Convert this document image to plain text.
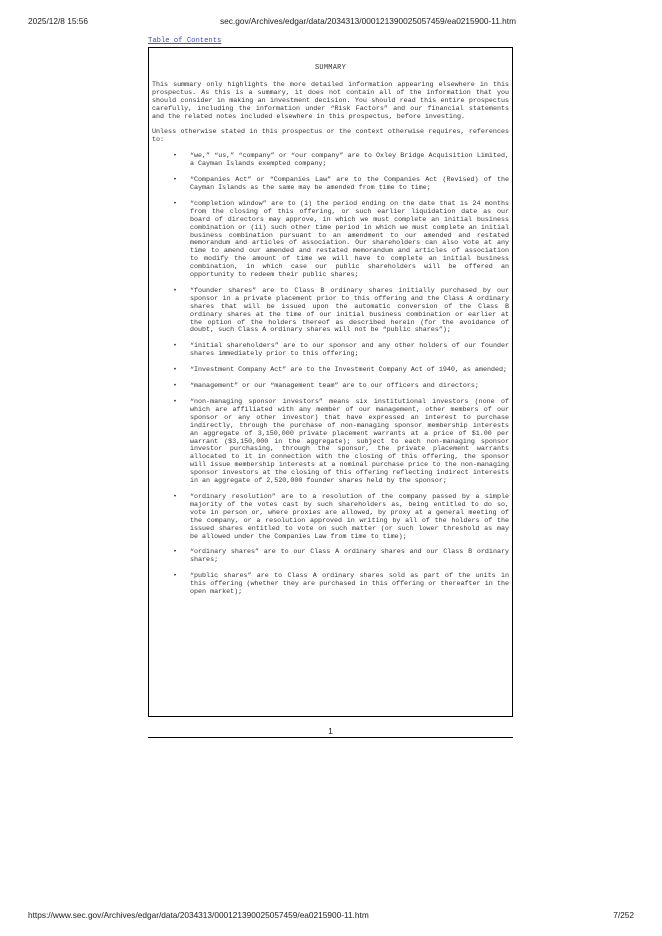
2025/12/8 15:56	sec.gov/Archives/edgar/data/2034313/000121390025057459/ea0215900-11.htm
Table of Contents
SUMMARY

This summary only highlights the more detailed information appearing elsewhere in this prospectus. As this is a summary, it does not contain all of the information that you should consider in making an investment decision. You should read this entire prospectus carefully, including the information under “Risk Factors” and our financial statements and the related notes included elsewhere in this prospectus, before investing.

Unless otherwise stated in this prospectus or the context otherwise requires, references to:

• “we,” “us,” “company” or “our company” are to Oxley Bridge Acquisition Limited, a Cayman Islands exempted company;
• “Companies Act” or “Companies Law” are to the Companies Act (Revised) of the Cayman Islands as the same may be amended from time to time;
• “completion window” are to (i) the period ending on the date that is 24 months from the closing of this offering, or such earlier liquidation date as our board of directors may approve, in which we must complete an initial business combination or (ii) such other time period in which we must complete an initial business combination pursuant to an amendment to our amended and restated memorandum and articles of association. Our shareholders can also vote at any time to amend our amended and restated memorandum and articles of association to modify the amount of time we will have to complete an initial business combination, in which case our public shareholders will be offered an opportunity to redeem their public shares;
• “founder shares” are to Class B ordinary shares initially purchased by our sponsor in a private placement prior to this offering and the Class A ordinary shares that will be issued upon the automatic conversion of the Class B ordinary shares at the time of our initial business combination or earlier at the option of the holders thereof as described herein (for the avoidance of doubt, such Class A ordinary shares will not be “public shares”);
• “initial shareholders” are to our sponsor and any other holders of our founder shares immediately prior to this offering;
• “Investment Company Act” are to the Investment Company Act of 1940, as amended;
• “management” or our “management team” are to our officers and directors;
• “non-managing sponsor investors” means six institutional investors (none of which are affiliated with any member of our management, other members of our sponsor or any other investor) that have expressed an interest to purchase indirectly, through the purchase of non-managing sponsor membership interests an aggregate of 3,150,000 private placement warrants at a price of $1.00 per warrant ($3,150,000 in the aggregate); subject to each non-managing sponsor investor purchasing, through the sponsor, the private placement warrants allocated to it in connection with the closing of this offering, the sponsor will issue membership interests at a nominal purchase price to the non-managing sponsor investors at the closing of this offering reflecting indirect interests in an aggregate of 2,520,000 founder shares held by the sponsor;
• “ordinary resolution” are to a resolution of the company passed by a simple majority of the votes cast by such shareholders as, being entitled to do so, vote in person or, where proxies are allowed, by proxy at a general meeting of the company, or a resolution approved in writing by all of the holders of the issued shares entitled to vote on such matter (or such lower threshold as may be allowed under the Companies Law from time to time);
• “ordinary shares” are to our Class A ordinary shares and our Class B ordinary shares;
• “public shares” are to Class A ordinary shares sold as part of the units in this offering (whether they are purchased in this offering or thereafter in the open market);
1
https://www.sec.gov/Archives/edgar/data/2034313/000121390025057459/ea0215900-11.htm	7/252
